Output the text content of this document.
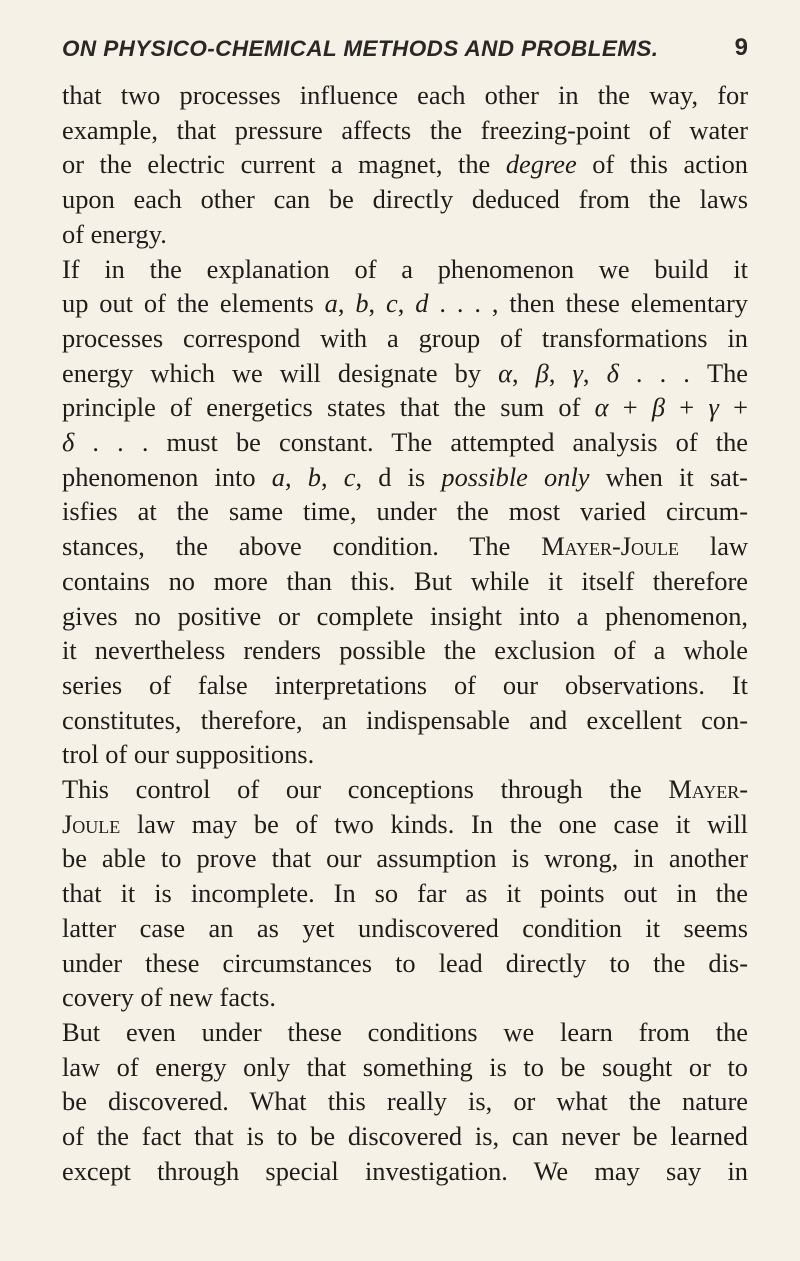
ON PHYSICO-CHEMICAL METHODS AND PROBLEMS.	9
that two processes influence each other in the way, for
example, that pressure affects the freezing-point of water
or the electric current a magnet, the degree of this action
upon each other can be directly deduced from the laws
of energy.
If in the explanation of a phenomenon we build it
up out of the elements a, b, c, d . . . , then these elementary
processes correspond with a group of transformations in
energy which we will designate by α, β, γ, δ . . . The
principle of energetics states that the sum of α + β + γ +
δ . . . must be constant. The attempted analysis of the
phenomenon into a, b, c, d is possible only when it sat-
isfies at the same time, under the most varied circum-
stances, the above condition. The Mayer-Joule law
contains no more than this. But while it itself therefore
gives no positive or complete insight into a phenomenon,
it nevertheless renders possible the exclusion of a whole
series of false interpretations of our observations. It
constitutes, therefore, an indispensable and excellent con-
trol of our suppositions.
This control of our conceptions through the Mayer-
Joule law may be of two kinds. In the one case it will
be able to prove that our assumption is wrong, in another
that it is incomplete. In so far as it points out in the
latter case an as yet undiscovered condition it seems
under these circumstances to lead directly to the dis-
covery of new facts.
But even under these conditions we learn from the
law of energy only that something is to be sought or to
be discovered. What this really is, or what the nature
of the fact that is to be discovered is, can never be learned
except through special investigation. We may say in
